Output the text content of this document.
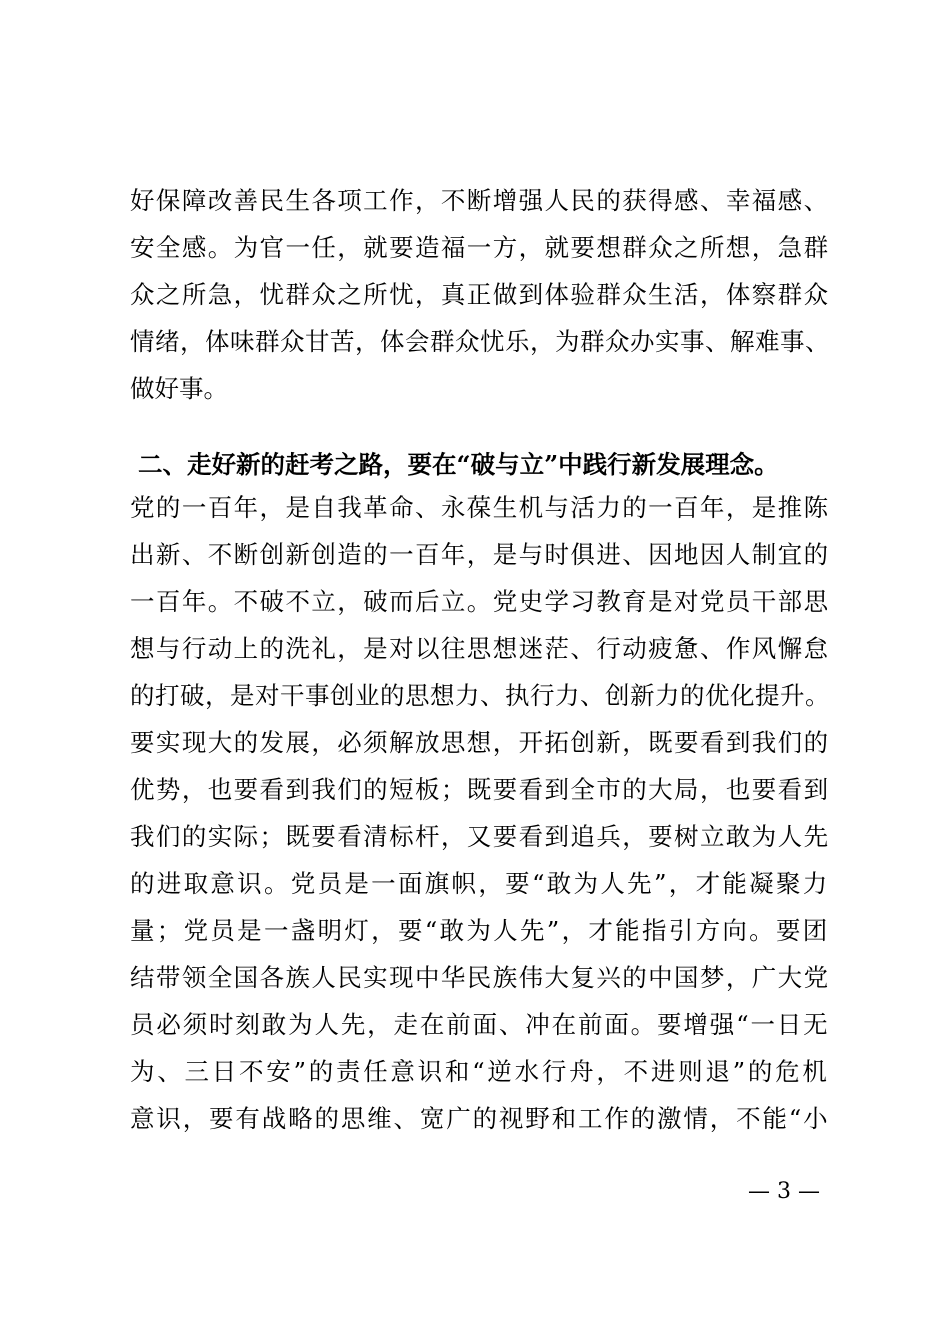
好保障改善民生各项工作，不断增强人民的获得感、幸福感、
安全感。为官一任，就要造福一方，就要想群众之所想，急群
众之所急，忧群众之所忧，真正做到体验群众生活，体察群众
情绪，体味群众甘苦，体会群众忧乐，为群众办实事、解难事、
做好事。
二、走好新的赶考之路，要在“破与立”中践行新发展理念。
党的一百年，是自我革命、永葆生机与活力的一百年，是推陈
出新、不断创新创造的一百年，是与时俱进、因地因人制宜的
一百年。不破不立，破而后立。党史学习教育是对党员干部思
想与行动上的洗礼，是对以往思想迷茫、行动疲惫、作风懈怠
的打破，是对干事创业的思想力、执行力、创新力的优化提升。
要实现大的发展，必须解放思想，开拓创新，既要看到我们的
优势，也要看到我们的短板；既要看到全市的大局，也要看到
我们的实际；既要看清标杆，又要看到追兵，要树立敢为人先
的进取意识。党员是一面旗帜，要“敢为人先”，才能凝聚力
量；党员是一盏明灯，要“敢为人先”，才能指引方向。要团
结带领全国各族人民实现中华民族伟大复兴的中国梦，广大党
员必须时刻敢为人先，走在前面、冲在前面。要增强“一日无
为、三日不安”的责任意识和“逆水行舟，不进则退”的危机
意识，要有战略的思维、宽广的视野和工作的激情，不能“小
— 3 —
